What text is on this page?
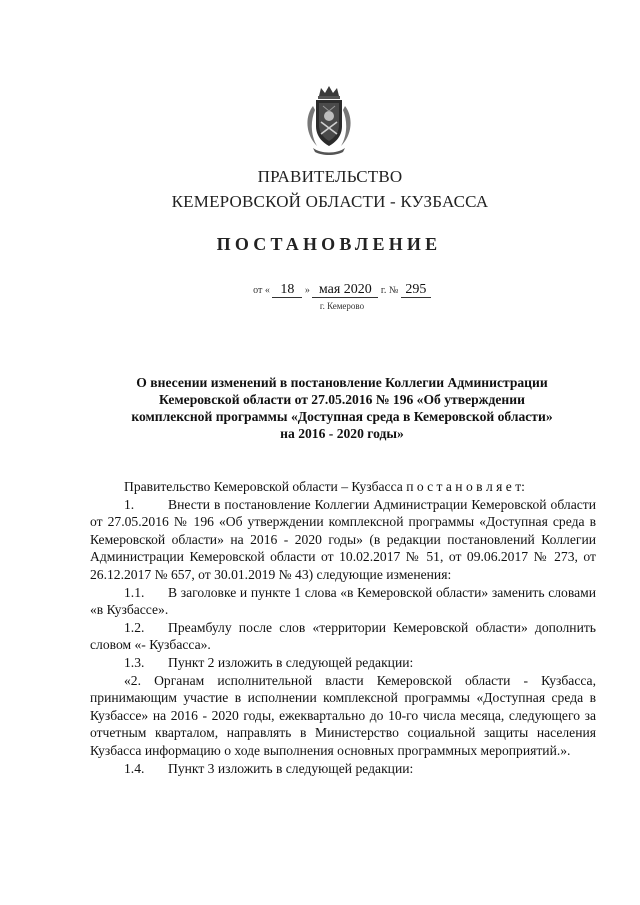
ПРАВИТЕЛЬСТВО
КЕМЕРОВСКОЙ ОБЛАСТИ - КУЗБАССА
ПОСТАНОВЛЕНИЕ
от « 18 » мая 2020 г. № 295
г. Кемерово
О внесении изменений в постановление Коллегии Администрации
Кемеровской области от 27.05.2016 № 196 «Об утверждении
комплексной программы «Доступная среда в Кемеровской области»
на 2016 - 2020 годы»

Правительство Кемеровской области – Кузбасса п о с т а н о в л я е т:

1. Внести в постановление Коллегии Администрации Кемеровской области от 27.05.2016 № 196 «Об утверждении комплексной программы «Доступная среда в Кемеровской области» на 2016 - 2020 годы» (в редакции постановлений Коллегии Администрации Кемеровской области от 10.02.2017 № 51, от 09.06.2017 № 273, от 26.12.2017 № 657, от 30.01.2019 № 43) следующие изменения:

1.1. В заголовке и пункте 1 слова «в Кемеровской области» заменить словами «в Кузбассе».

1.2. Преамбулу после слов «территории Кемеровской области» дополнить словом «- Кузбасса».

1.3. Пункт 2 изложить в следующей редакции:

«2. Органам исполнительной власти Кемеровской области - Кузбасса, принимающим участие в исполнении комплексной программы «Доступная среда в Кузбассе» на 2016 - 2020 годы, ежеквартально до 10-го числа месяца, следующего за отчетным кварталом, направлять в Министерство социальной защиты населения Кузбасса информацию о ходе выполнения основных программных мероприятий.».

1.4. Пункт 3 изложить в следующей редакции:
